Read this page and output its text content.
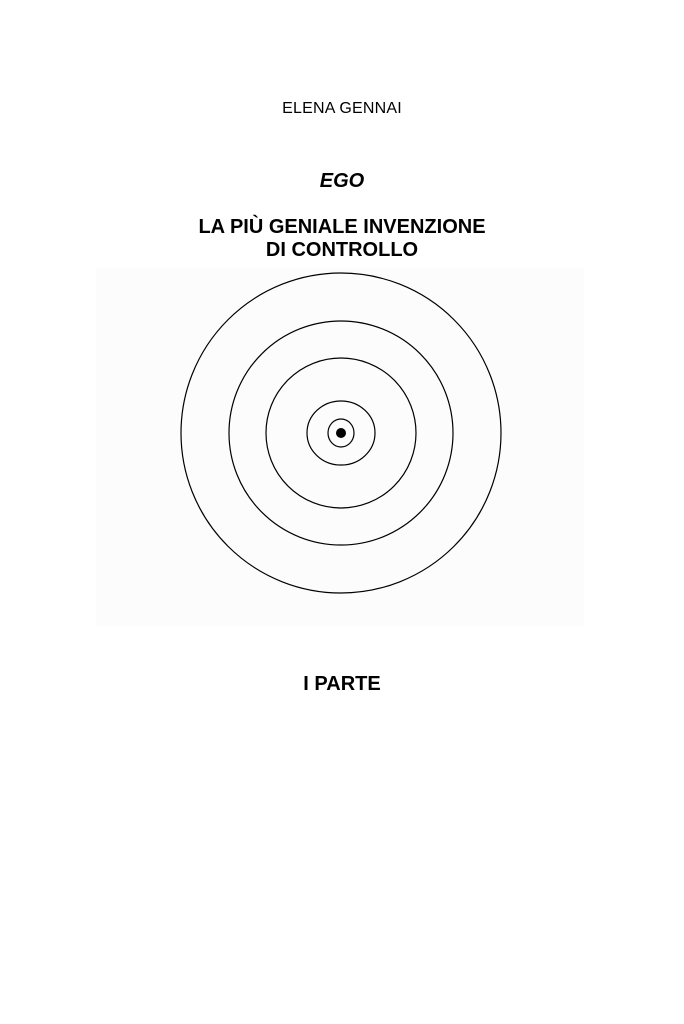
ELENA GENNAI
EGO
LA PIÙ GENIALE INVENZIONE
DI CONTROLLO
I PARTE
